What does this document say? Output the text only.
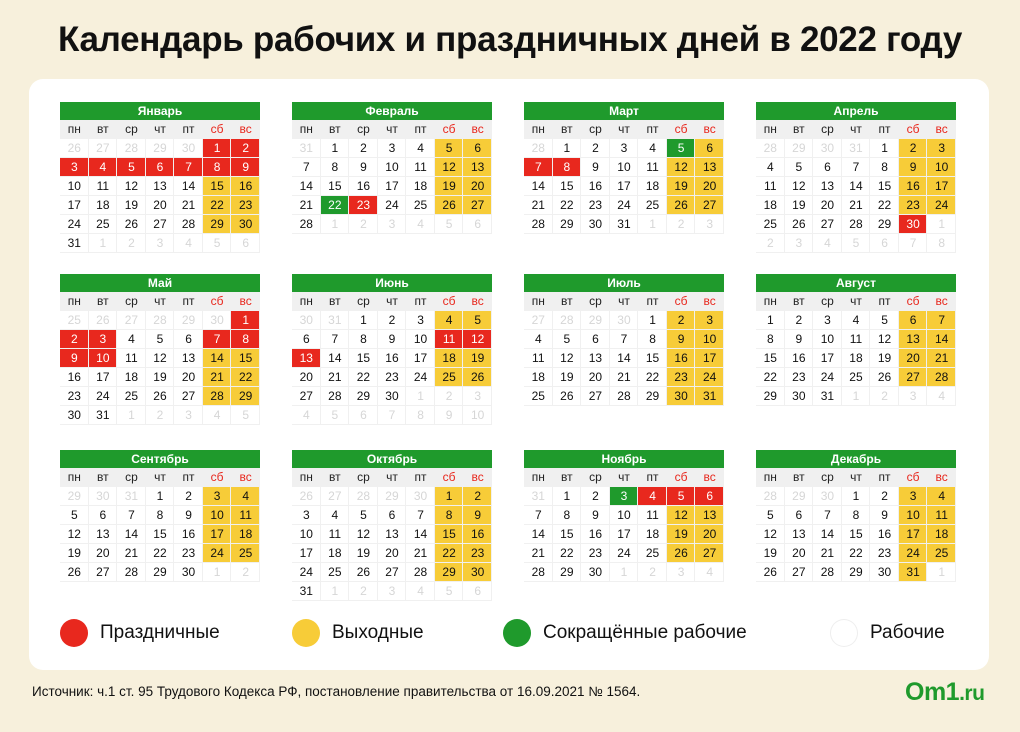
Календарь рабочих и праздничных дней в 2022 году
Январь
пн	вт	ср	чт	пт	сб	вс
26	27	28	29	30	1	2
3	4	5	6	7	8	9
10	11	12	13	14	15	16
17	18	19	20	21	22	23
24	25	26	27	28	29	30
31	1	2	3	4	5	6
Февраль
пн	вт	ср	чт	пт	сб	вс
31	1	2	3	4	5	6
7	8	9	10	11	12	13
14	15	16	17	18	19	20
21	22	23	24	25	26	27
28	1	2	3	4	5	6
Март
пн	вт	ср	чт	пт	сб	вс
28	1	2	3	4	5	6
7	8	9	10	11	12	13
14	15	16	17	18	19	20
21	22	23	24	25	26	27
28	29	30	31	1	2	3
Апрель
пн	вт	ср	чт	пт	сб	вс
28	29	30	31	1	2	3
4	5	6	7	8	9	10
11	12	13	14	15	16	17
18	19	20	21	22	23	24
25	26	27	28	29	30	1
2	3	4	5	6	7	8
Май
пн	вт	ср	чт	пт	сб	вс
25	26	27	28	29	30	1
2	3	4	5	6	7	8
9	10	11	12	13	14	15
16	17	18	19	20	21	22
23	24	25	26	27	28	29
30	31	1	2	3	4	5
Июнь
пн	вт	ср	чт	пт	сб	вс
30	31	1	2	3	4	5
6	7	8	9	10	11	12
13	14	15	16	17	18	19
20	21	22	23	24	25	26
27	28	29	30	1	2	3
4	5	6	7	8	9	10
Июль
пн	вт	ср	чт	пт	сб	вс
27	28	29	30	1	2	3
4	5	6	7	8	9	10
11	12	13	14	15	16	17
18	19	20	21	22	23	24
25	26	27	28	29	30	31
Август
пн	вт	ср	чт	пт	сб	вс
1	2	3	4	5	6	7
8	9	10	11	12	13	14
15	16	17	18	19	20	21
22	23	24	25	26	27	28
29	30	31	1	2	3	4
Сентябрь
пн	вт	ср	чт	пт	сб	вс
29	30	31	1	2	3	4
5	6	7	8	9	10	11
12	13	14	15	16	17	18
19	20	21	22	23	24	25
26	27	28	29	30	1	2
Октябрь
пн	вт	ср	чт	пт	сб	вс
26	27	28	29	30	1	2
3	4	5	6	7	8	9
10	11	12	13	14	15	16
17	18	19	20	21	22	23
24	25	26	27	28	29	30
31	1	2	3	4	5	6
Ноябрь
пн	вт	ср	чт	пт	сб	вс
31	1	2	3	4	5	6
7	8	9	10	11	12	13
14	15	16	17	18	19	20
21	22	23	24	25	26	27
28	29	30	1	2	3	4
Декабрь
пн	вт	ср	чт	пт	сб	вс
28	29	30	1	2	3	4
5	6	7	8	9	10	11
12	13	14	15	16	17	18
19	20	21	22	23	24	25
26	27	28	29	30	31	1
Праздничные	Выходные	Сокращённые рабочие	Рабочие
Источник: ч.1 ст. 95 Трудового Кодекса РФ, постановление правительства от 16.09.2021 № 1564.	Om1.ru
